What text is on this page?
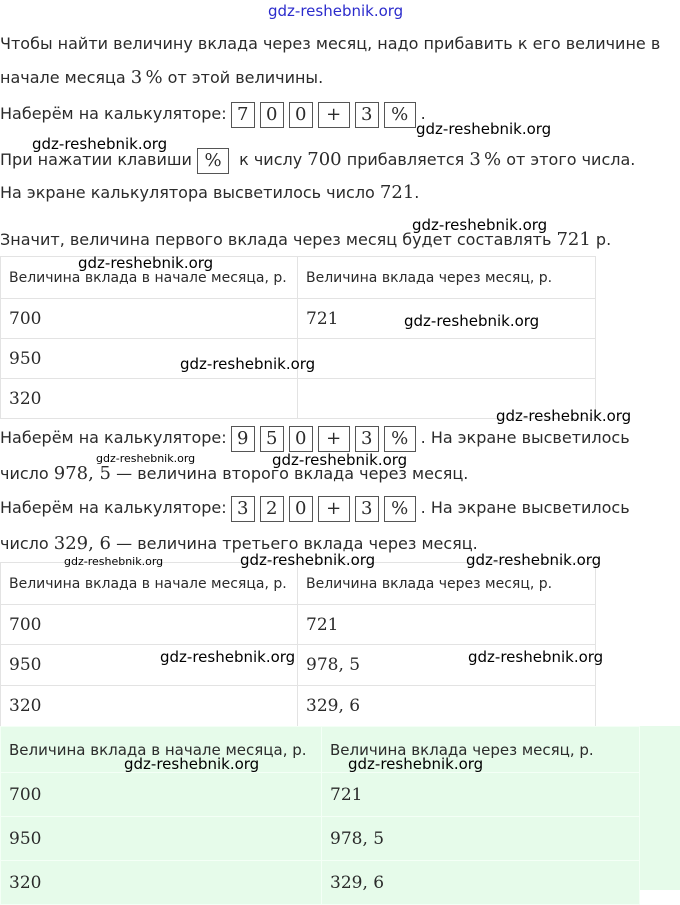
gdz-reshebnik.org
Чтобы найти величину вклада через месяц, надо прибавить к его величине в
начале месяца 3  % от этой величины.
Наберём на калькуляторе: 7 0 0 + 3 % .
При нажатии клавиши % к числу 700 прибавляется 3  % от этого числа.
На экране калькулятора высветилось число 721.
Значит, величина первого вклада через месяц будет составлять 721 р.
Величина вклада в начале месяца, р.	Величина вклада через месяц, р.
700	721
950	
320	
Наберём на калькуляторе: 9 5 0 + 3 % . На экране высветилось
число 978, 5 — величина второго вклада через месяц.
Наберём на калькуляторе: 3 2 0 + 3 % . На экране высветилось
число 329, 6 — величина третьего вклада через месяц.
Величина вклада в начале месяца, р.	Величина вклада через месяц, р.
700	721
950	978, 5
320	329, 6
Величина вклада в начале месяца, р.	Величина вклада через месяц, р.
700	721
950	978, 5
320	329, 6
gdz-reshebnik.org
gdz-reshebnik.org
gdz-reshebnik.org
gdz-reshebnik.org
gdz-reshebnik.org
gdz-reshebnik.org
gdz-reshebnik.org
gdz-reshebnik.org	gdz-reshebnik.org
gdz-reshebnik.org	gdz-reshebnik.org	gdz-reshebnik.org
gdz-reshebnik.org	gdz-reshebnik.org
gdz-reshebnik.org	gdz-reshebnik.org
